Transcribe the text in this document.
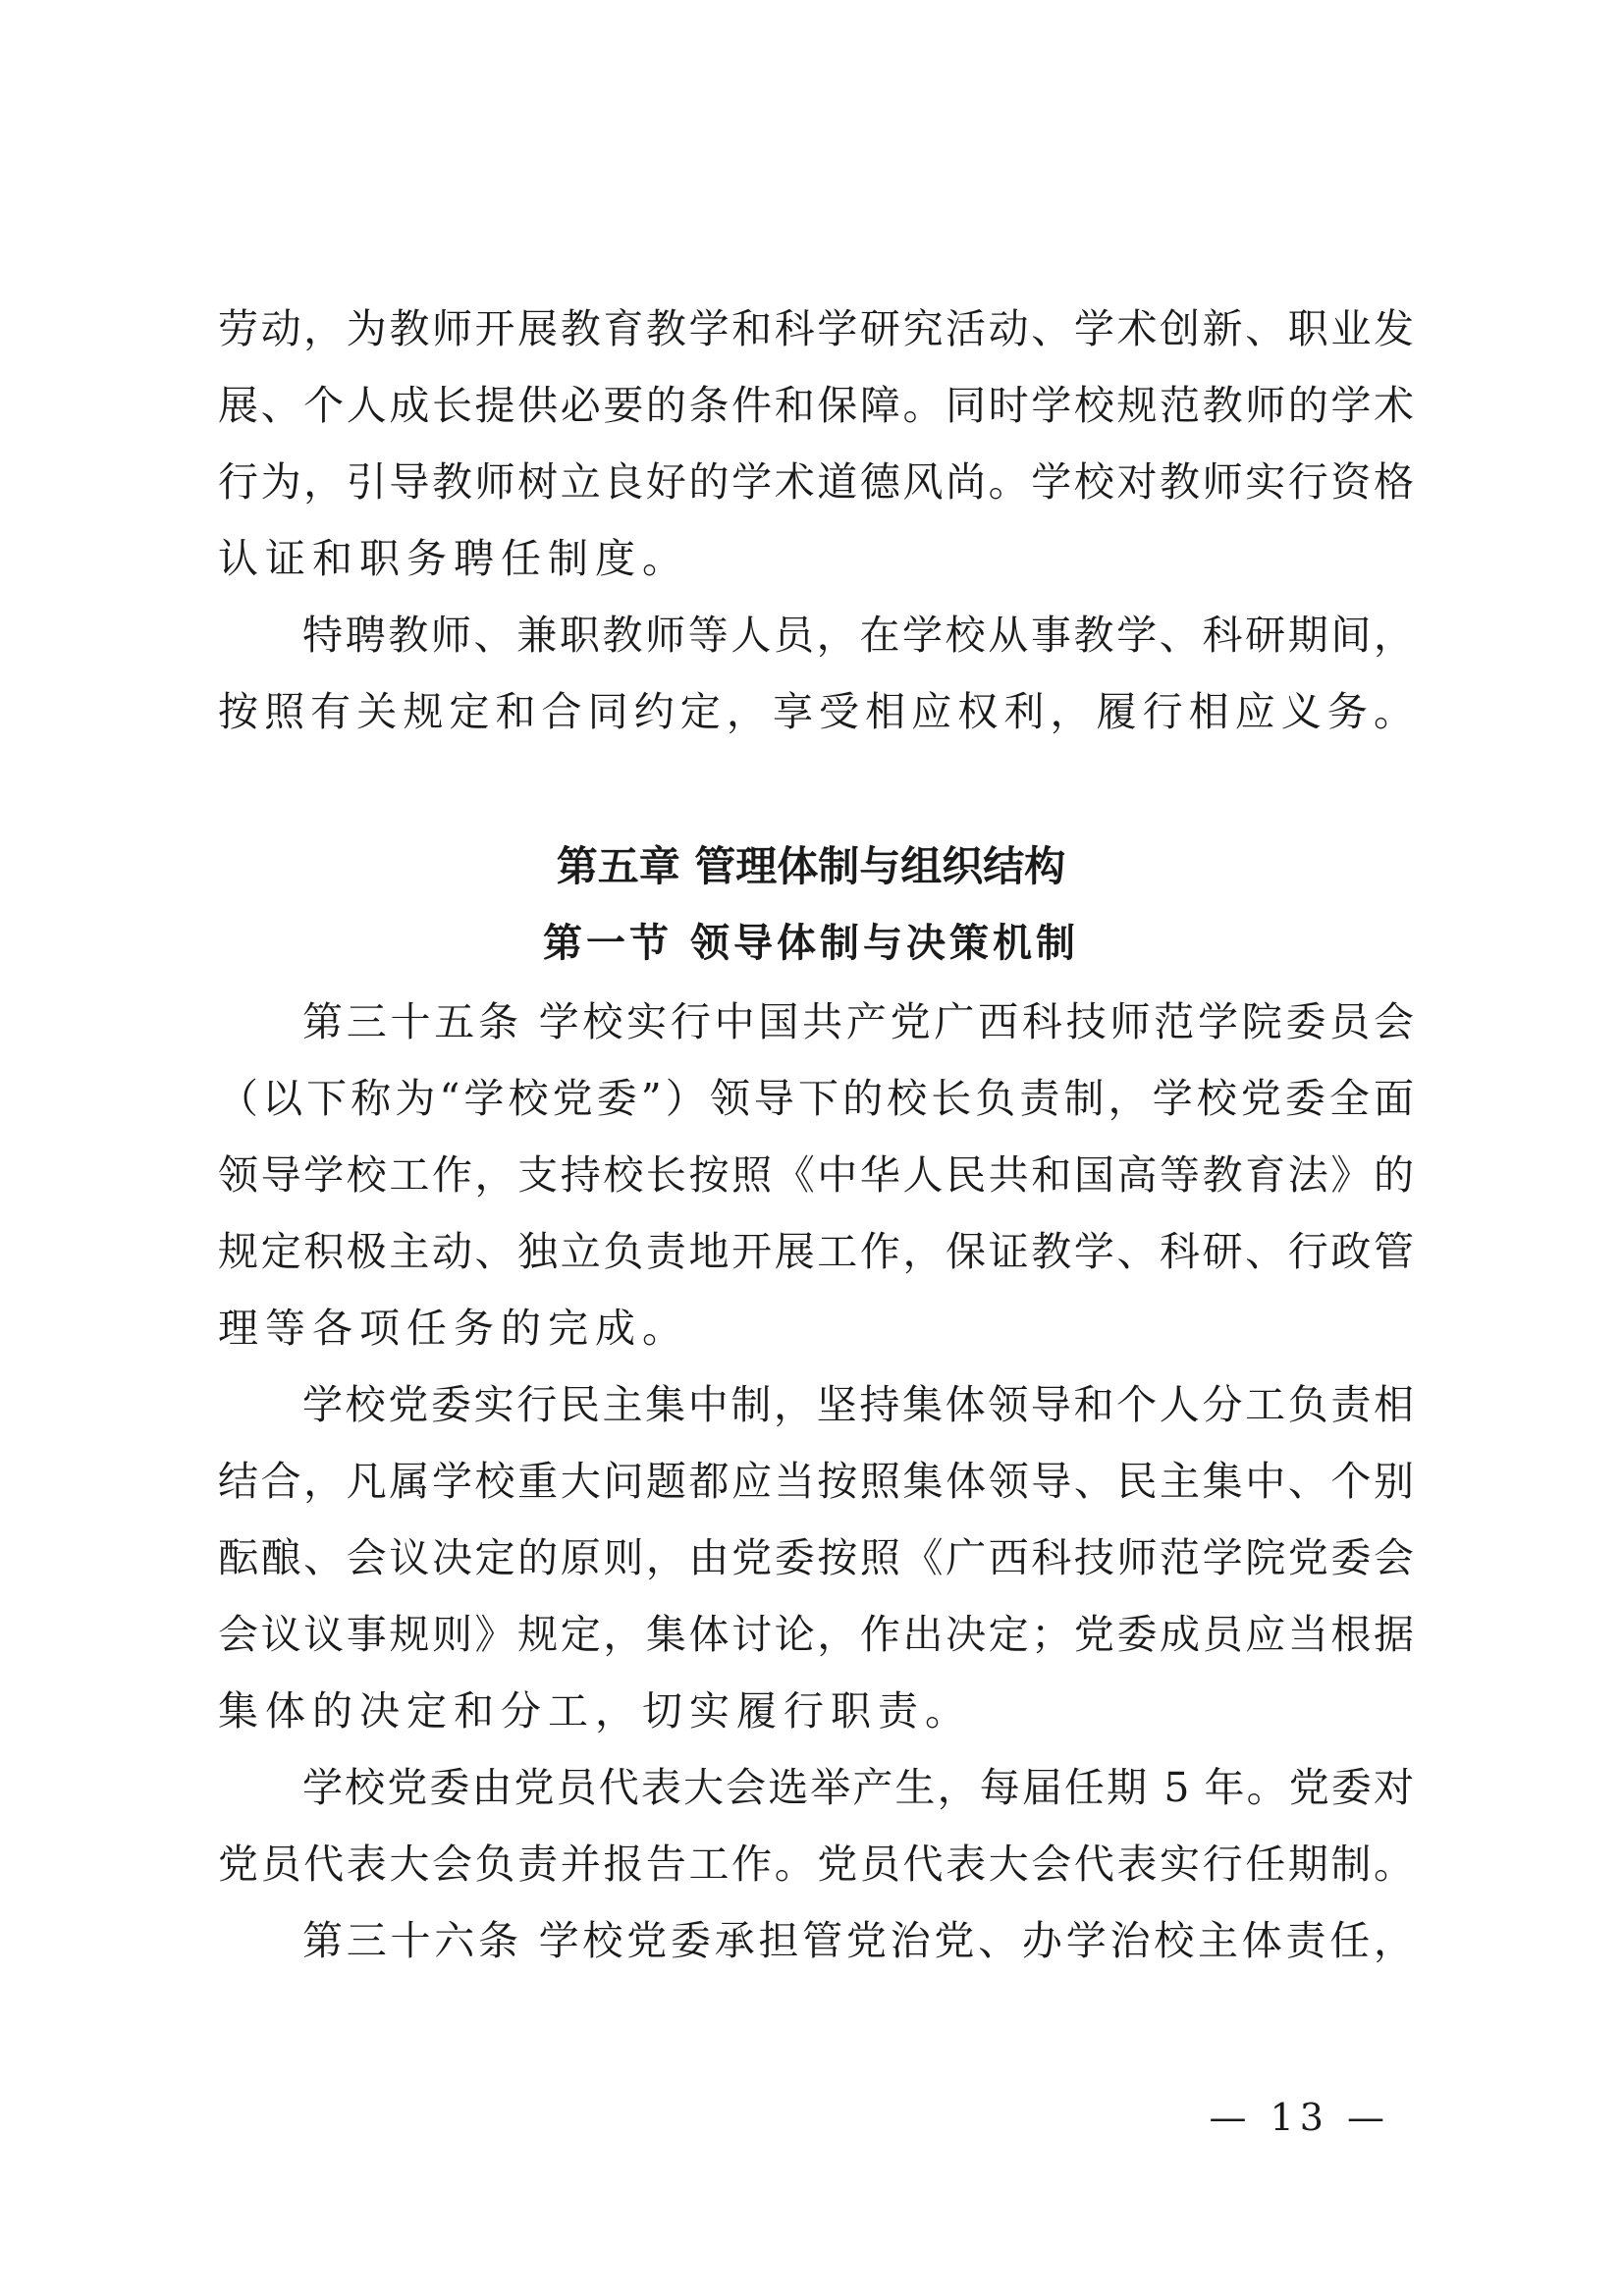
劳动，为教师开展教育教学和科学研究活动、学术创新、职业发
展、个人成长提供必要的条件和保障。同时学校规范教师的学术
行为，引导教师树立良好的学术道德风尚。学校对教师实行资格
认证和职务聘任制度。
特聘教师、兼职教师等人员，在学校从事教学、科研期间，
按照有关规定和合同约定，享受相应权利，履行相应义务。
第五章 管理体制与组织结构
第一节 领导体制与决策机制
第三十五条 学校实行中国共产党广西科技师范学院委员会
（以下称为“学校党委”）领导下的校长负责制，学校党委全面
领导学校工作，支持校长按照《中华人民共和国高等教育法》的
规定积极主动、独立负责地开展工作，保证教学、科研、行政管
理等各项任务的完成。
学校党委实行民主集中制，坚持集体领导和个人分工负责相
结合，凡属学校重大问题都应当按照集体领导、民主集中、个别
酝酿、会议决定的原则，由党委按照《广西科技师范学院党委会
会议议事规则》规定，集体讨论，作出决定；党委成员应当根据
集体的决定和分工，切实履行职责。
学校党委由党员代表大会选举产生，每届任期 5 年。党委对
党员代表大会负责并报告工作。党员代表大会代表实行任期制。
第三十六条 学校党委承担管党治党、办学治校主体责任，
— 13 —
